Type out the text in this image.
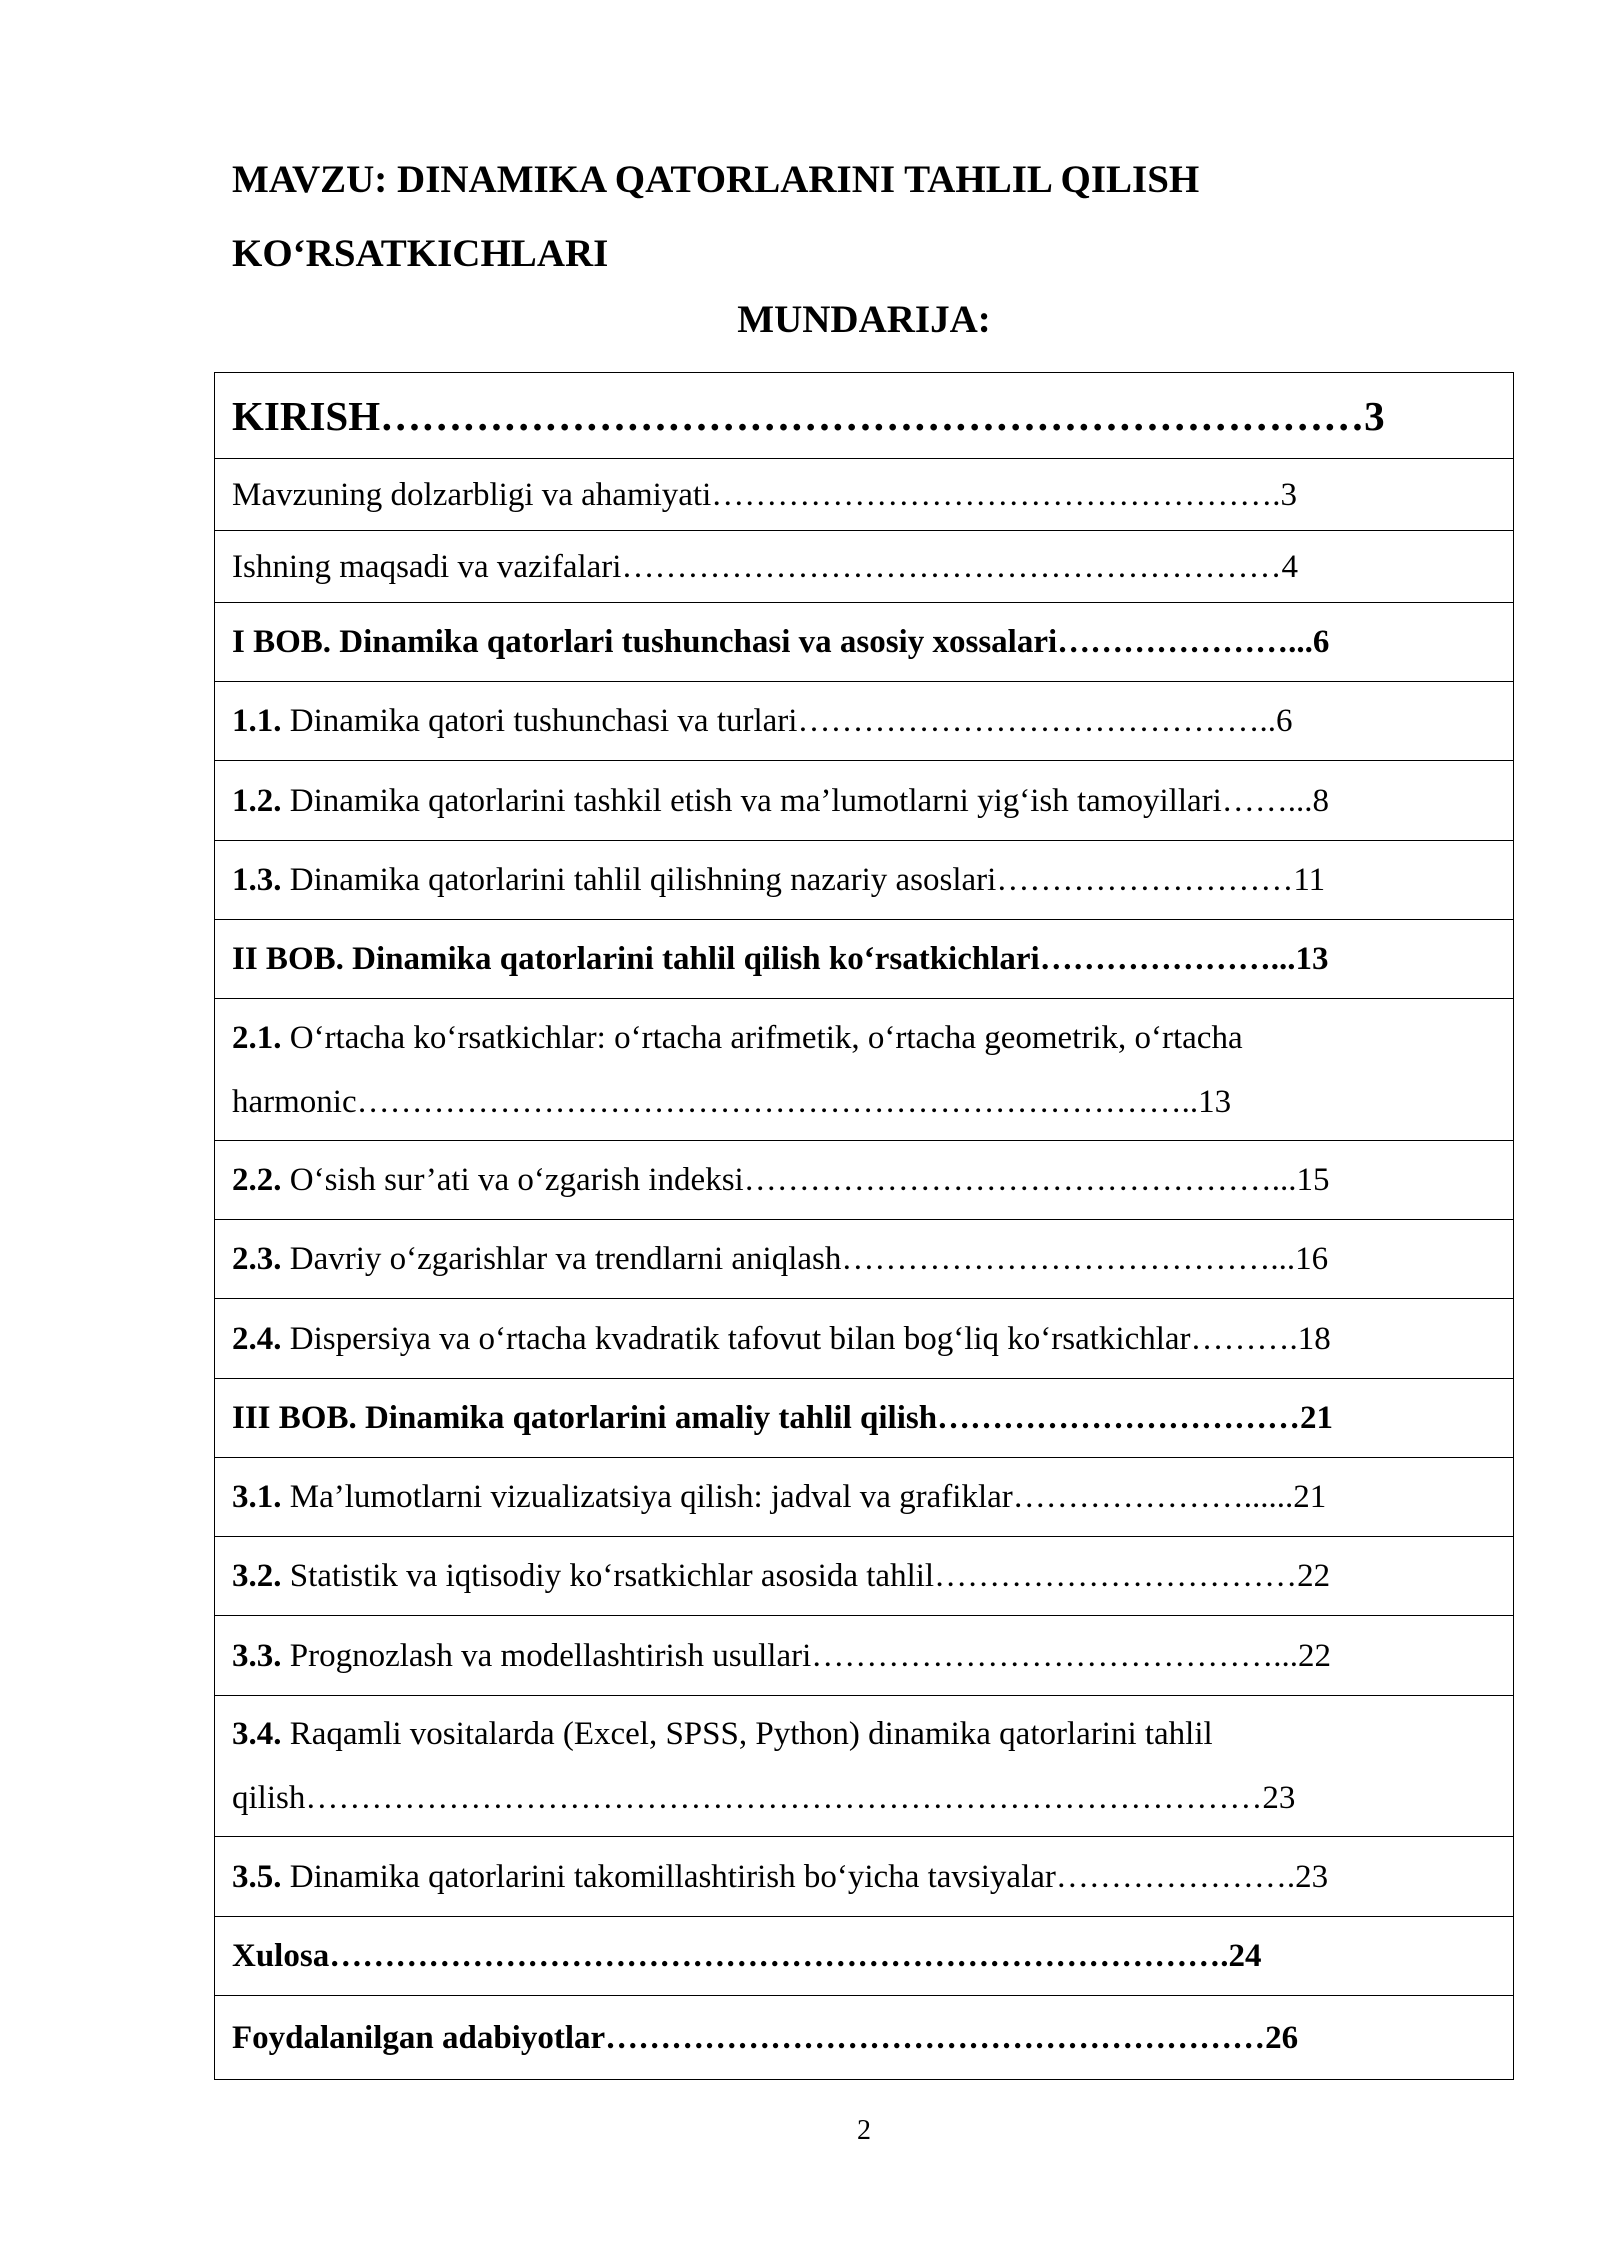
MAVZU: DINAMIKA QATORLARINI TAHLIL QILISH
KO‘RSATKICHLARI
MUNDARIJA:
KIRISH………………………………………………………………3
Mavzuning dolzarbligi va ahamiyati…………………………………………….3
Ishning maqsadi va vazifalari……………………………………………………4
I BOB. Dinamika qatorlari tushunchasi va asosiy xossalari…………………...6
1.1. Dinamika qatori tushunchasi va turlari……………………………………..6
1.2. Dinamika qatorlarini tashkil etish va ma’lumotlarni yig‘ish tamoyillari……...8
1.3. Dinamika qatorlarini tahlil qilishning nazariy asoslari………………………11
II BOB. Dinamika qatorlarini tahlil qilish ko‘rsatkichlari…………………...13
2.1. O‘rtacha ko‘rsatkichlar: o‘rtacha arifmetik, o‘rtacha geometrik, o‘rtacha
harmonic…………………………………………………………………..13
2.2. O‘sish sur’ati va o‘zgarish indeksi…………………………………………...15
2.3. Davriy o‘zgarishlar va trendlarni aniqlash…………………………………...16
2.4. Dispersiya va o‘rtacha kvadratik tafovut bilan bog‘liq ko‘rsatkichlar……….18
III BOB. Dinamika qatorlarini amaliy tahlil qilish……………………………21
3.1. Ma’lumotlarni vizualizatsiya qilish: jadval va grafiklar…………………......21
3.2. Statistik va iqtisodiy ko‘rsatkichlar asosida tahlil……………………………22
3.3. Prognozlash va modellashtirish usullari……………………………………...22
3.4. Raqamli vositalarda (Excel, SPSS, Python) dinamika qatorlarini tahlil
qilish……………………………………………………………………………23
3.5. Dinamika qatorlarini takomillashtirish bo‘yicha tavsiyalar………………….23
Xulosa……………………………………………………………………….24
Foydalanilgan adabiyotlar……………………………………………………26
2
